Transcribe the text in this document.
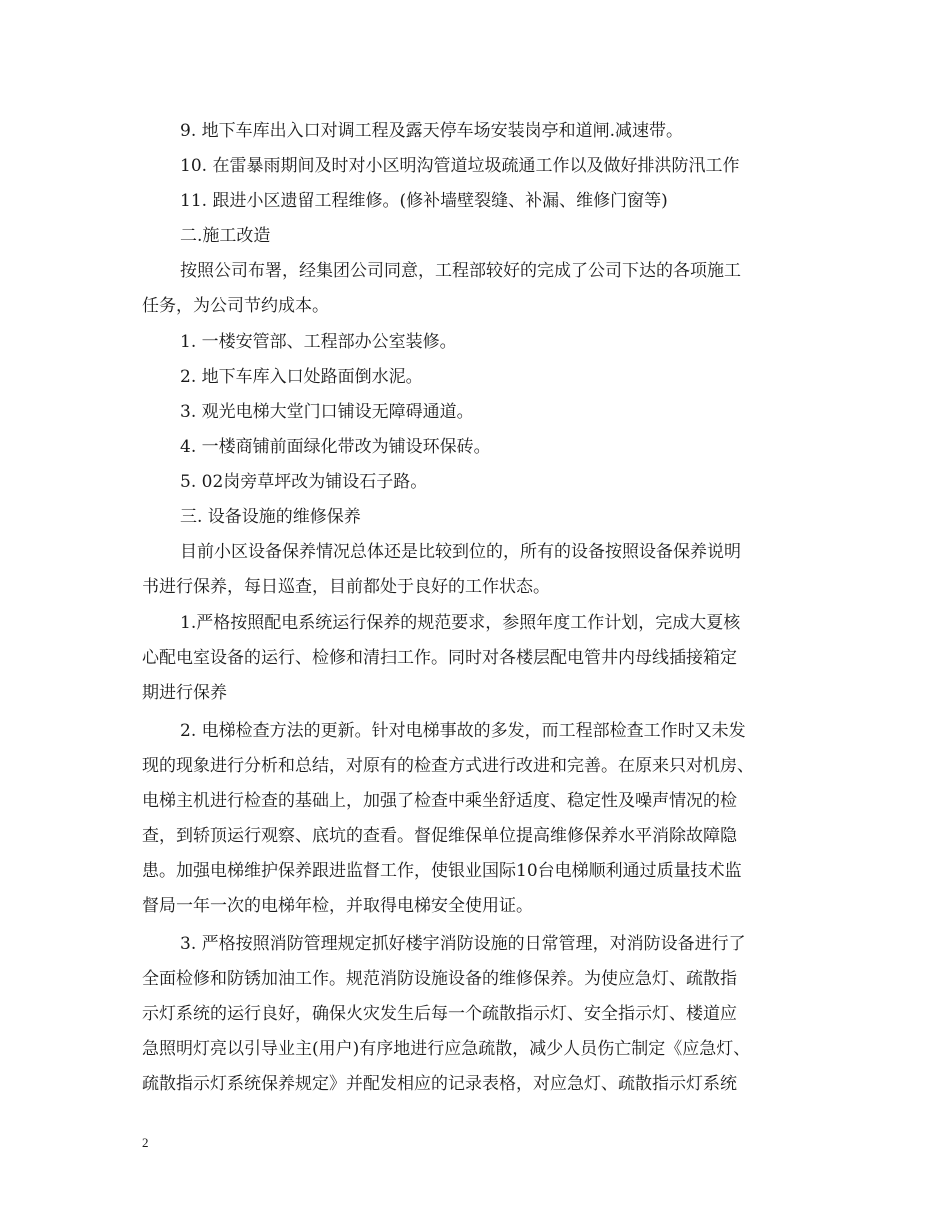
9. 地下车库出入口对调工程及露天停车场安装岗亭和道闸.减速带。
10. 在雷暴雨期间及时对小区明沟管道垃圾疏通工作以及做好排洪防汛工作
11. 跟进小区遗留工程维修。(修补墙壁裂缝、补漏、维修门窗等)
二.施工改造
按照公司布署，经集团公司同意，工程部较好的完成了公司下达的各项施工
任务，为公司节约成本。
1. 一楼安管部、工程部办公室装修。
2. 地下车库入口处路面倒水泥。
3. 观光电梯大堂门口铺设无障碍通道。
4. 一楼商铺前面绿化带改为铺设环保砖。
5. 02岗旁草坪改为铺设石子路。
三. 设备设施的维修保养
目前小区设备保养情况总体还是比较到位的，所有的设备按照设备保养说明
书进行保养，每日巡查，目前都处于良好的工作状态。
1.严格按照配电系统运行保养的规范要求，参照年度工作计划，完成大夏核
心配电室设备的运行、检修和清扫工作。同时对各楼层配电管井内母线插接箱定
期进行保养
2. 电梯检查方法的更新。针对电梯事故的多发，而工程部检查工作时又未发
现的现象进行分析和总结，对原有的检查方式进行改进和完善。在原来只对机房、
电梯主机进行检查的基础上，加强了检查中乘坐舒适度、稳定性及噪声情况的检
查，到轿顶运行观察、底坑的查看。督促维保单位提高维修保养水平消除故障隐
患。加强电梯维护保养跟进监督工作，使银业国际10台电梯顺利通过质量技术监
督局一年一次的电梯年检，并取得电梯安全使用证。
3. 严格按照消防管理规定抓好楼宇消防设施的日常管理，对消防设备进行了
全面检修和防锈加油工作。规范消防设施设备的维修保养。为使应急灯、疏散指
示灯系统的运行良好，确保火灾发生后每一个疏散指示灯、安全指示灯、楼道应
急照明灯亮以引导业主(用户)有序地进行应急疏散，减少人员伤亡制定《应急灯、
疏散指示灯系统保养规定》并配发相应的记录表格，对应急灯、疏散指示灯系统
2
